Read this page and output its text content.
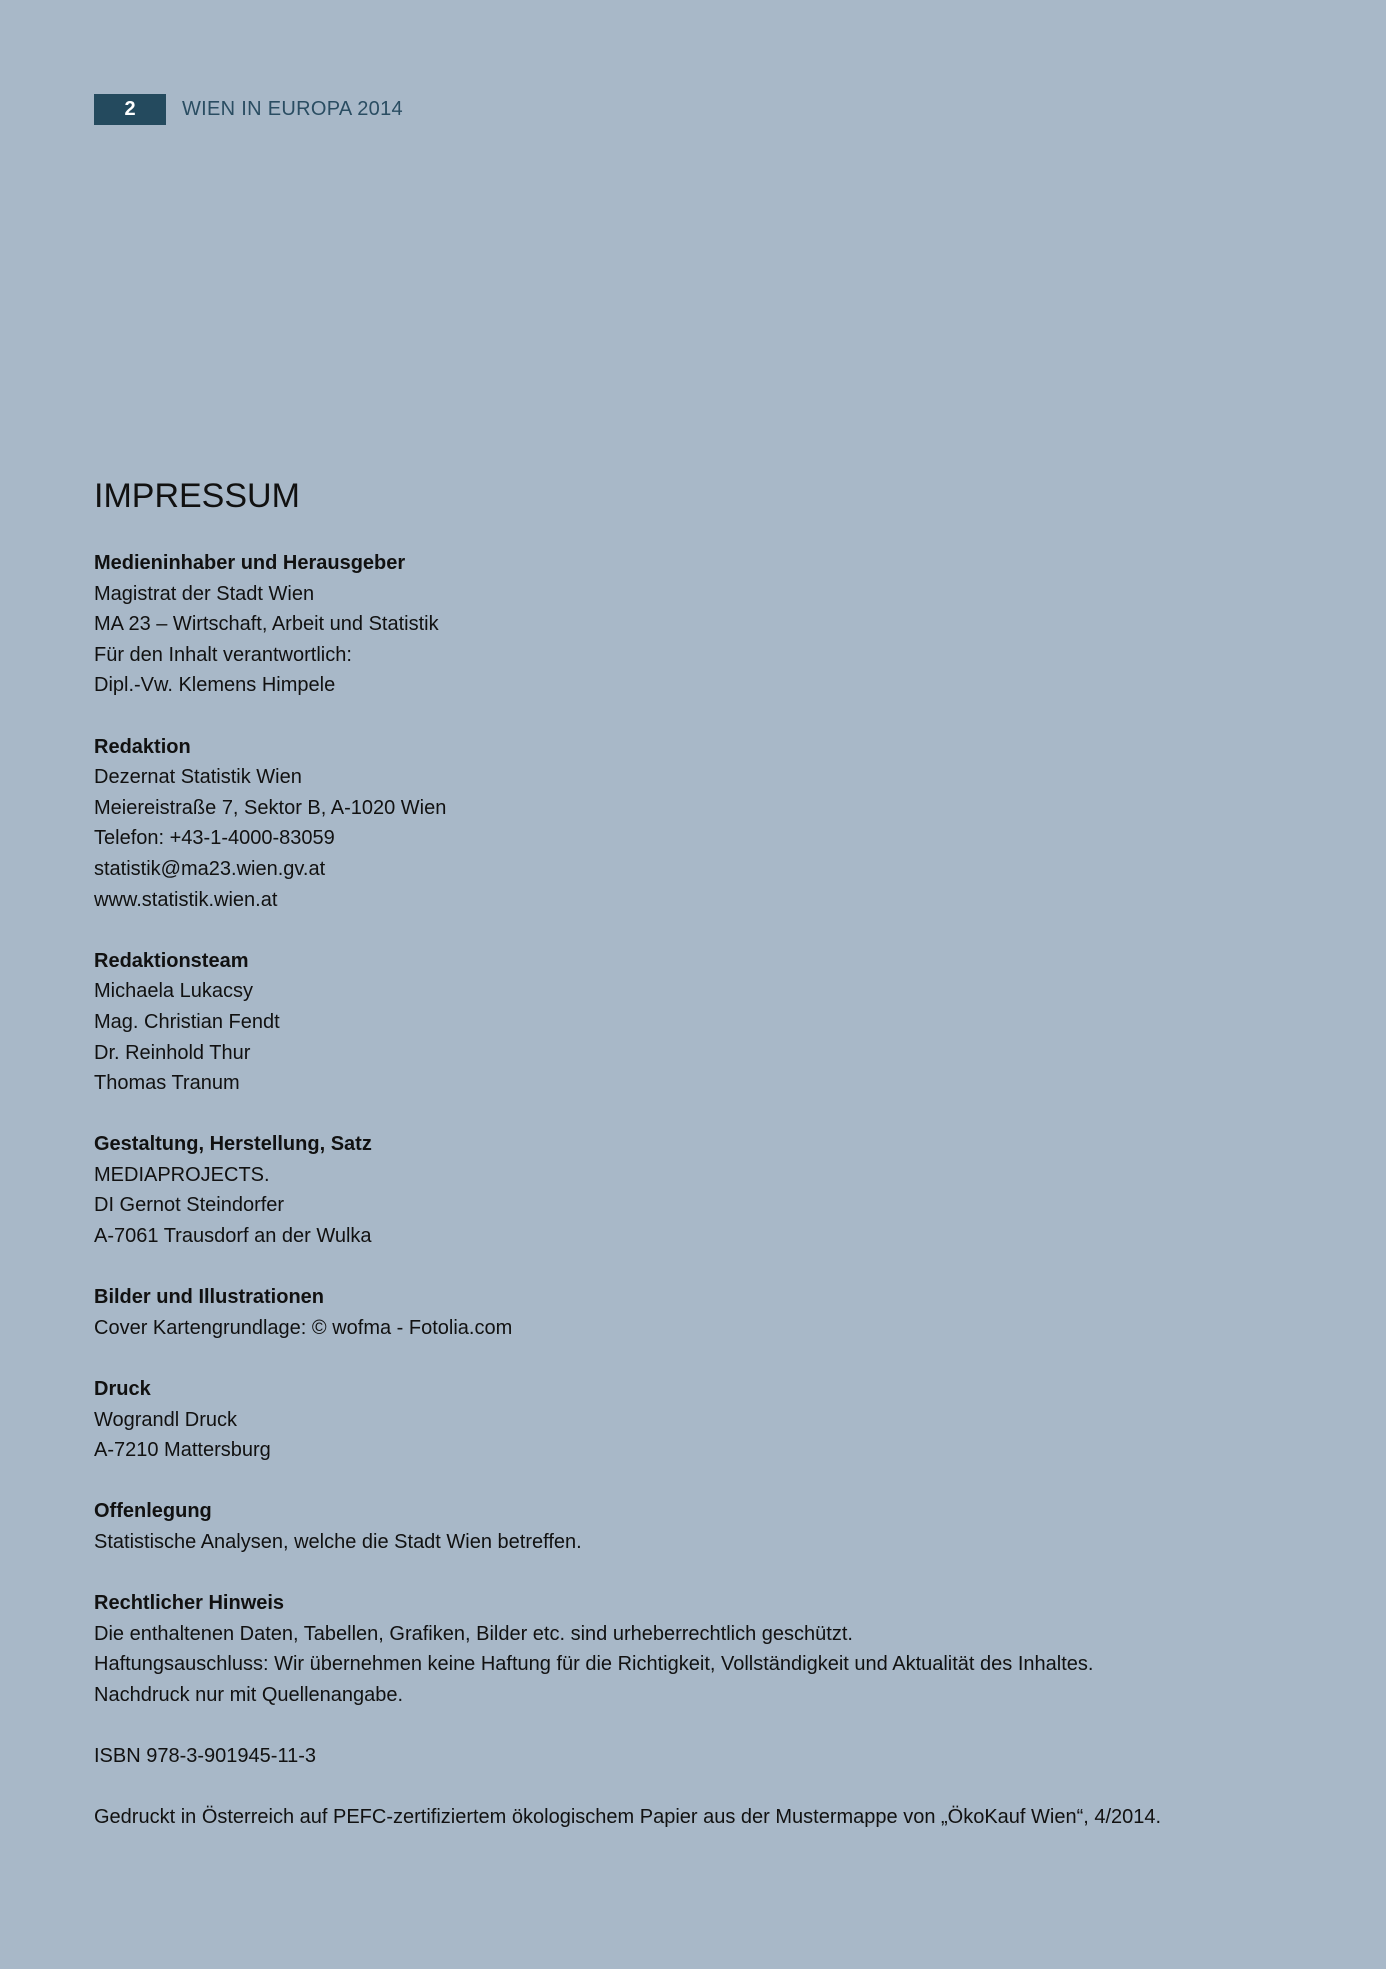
2	WIEN IN EUROPA 2014
IMPRESSUM
Medieninhaber und Herausgeber
Magistrat der Stadt Wien
MA 23 – Wirtschaft, Arbeit und Statistik
Für den Inhalt verantwortlich:
Dipl.-Vw. Klemens Himpele
Redaktion
Dezernat Statistik Wien
Meiereistraße 7, Sektor B, A-1020 Wien
Telefon: +43-1-4000-83059
statistik@ma23.wien.gv.at
www.statistik.wien.at
Redaktionsteam
Michaela Lukacsy
Mag. Christian Fendt
Dr. Reinhold Thur
Thomas Tranum
Gestaltung, Herstellung, Satz
MEDIAPROJECTS.
DI Gernot Steindorfer
A-7061 Trausdorf an der Wulka
Bilder und Illustrationen
Cover Kartengrundlage: © wofma - Fotolia.com
Druck
Wograndl Druck
A-7210 Mattersburg
Offenlegung
Statistische Analysen, welche die Stadt Wien betreffen.
Rechtlicher Hinweis
Die enthaltenen Daten, Tabellen, Grafiken, Bilder etc. sind urheberrechtlich geschützt.
Haftungsauschluss: Wir übernehmen keine Haftung für die Richtigkeit, Vollständigkeit und Aktualität des Inhaltes.
Nachdruck nur mit Quellenangabe.
ISBN 978-3-901945-11-3
Gedruckt in Österreich auf PEFC-zertifiziertem ökologischem Papier aus der Mustermappe von „ÖkoKauf Wien“, 4/2014.
